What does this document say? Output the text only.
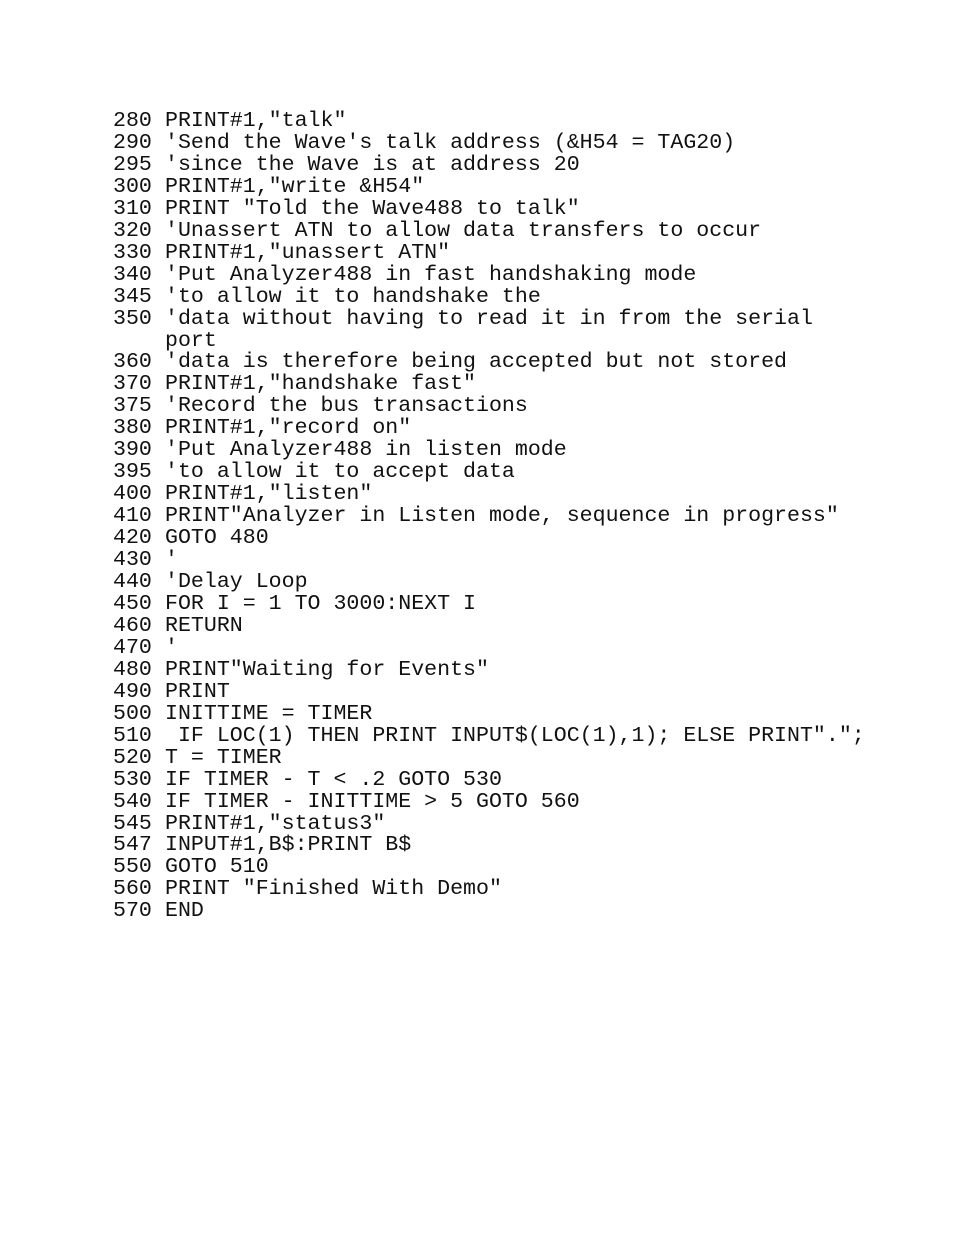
280 PRINT#1,"talk"
290 'Send the Wave's talk address (&H54 = TAG20)
295 'since the Wave is at address 20
300 PRINT#1,"write &H54"
310 PRINT "Told the Wave488 to talk"
320 'Unassert ATN to allow data transfers to occur
330 PRINT#1,"unassert ATN"
340 'Put Analyzer488 in fast handshaking mode
345 'to allow it to handshake the
350 'data without having to read it in from the serial
port
360 'data is therefore being accepted but not stored
370 PRINT#1,"handshake fast"
375 'Record the bus transactions
380 PRINT#1,"record on"
390 'Put Analyzer488 in listen mode
395 'to allow it to accept data
400 PRINT#1,"listen"
410 PRINT"Analyzer in Listen mode, sequence in progress"
420 GOTO 480
430 '
440 'Delay Loop
450 FOR I = 1 TO 3000:NEXT I
460 RETURN
470 '
480 PRINT"Waiting for Events"
490 PRINT
500 INITTIME = TIMER
510 IF LOC(1) THEN PRINT INPUT$(LOC(1),1); ELSE PRINT".";
520 T = TIMER
530 IF TIMER - T < .2 GOTO 530
540 IF TIMER - INITTIME > 5 GOTO 560
545 PRINT#1,"status3"
547 INPUT#1,B$:PRINT B$
550 GOTO 510
560 PRINT "Finished With Demo"
570 END
